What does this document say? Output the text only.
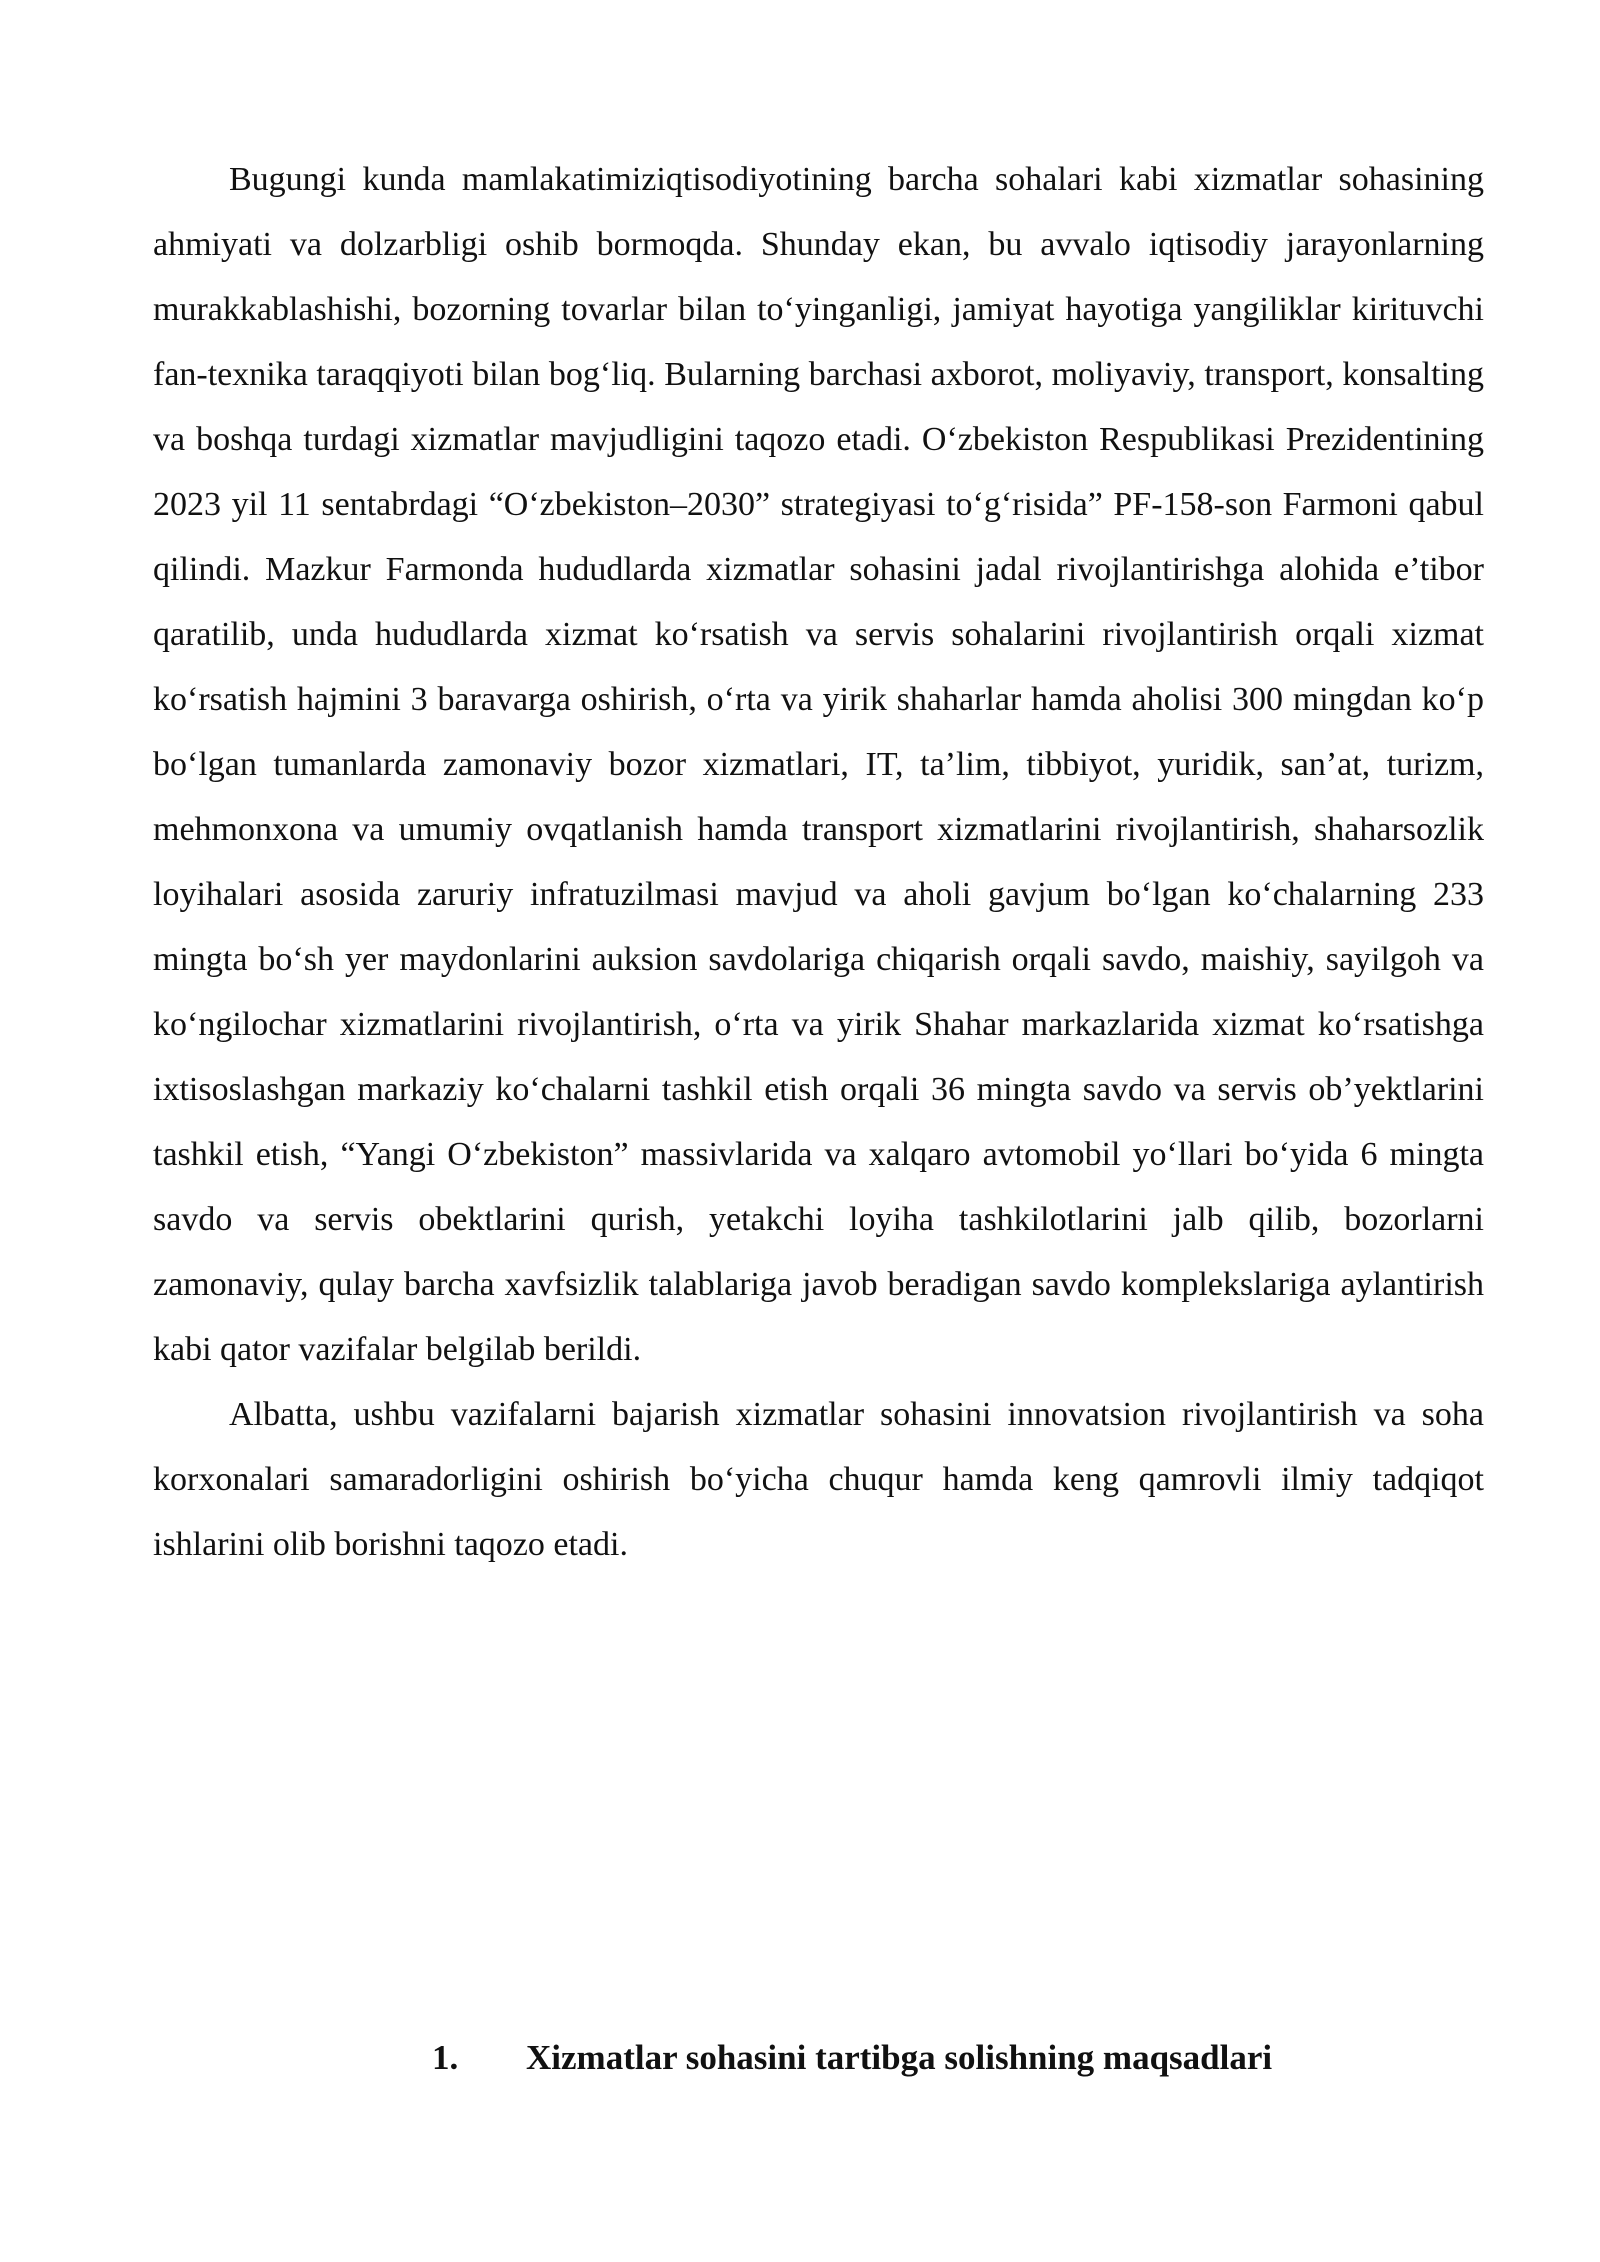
Bugungi kunda mamlakatimiziqtisodiyotining barcha sohalari kabi xizmatlar sohasining ahmiyati va dolzarbligi oshib bormoqda. Shunday ekan, bu avvalo iqtisodiy jarayonlarning murakkablashishi, bozorning tovarlar bilan to‘yinganligi, jamiyat hayotiga yangiliklar kirituvchi fan-texnika taraqqiyoti bilan bog‘liq. Bularning barchasi axborot, moliyaviy, transport, konsalting va boshqa turdagi xizmatlar mavjudligini taqozo etadi. O‘zbekiston Respublikasi Prezidentining 2023 yil 11 sentabrdagi “O‘zbekiston–2030” strategiyasi to‘g‘risida” PF-158-son Farmoni qabul qilindi. Mazkur Farmonda hududlarda xizmatlar sohasini jadal rivojlantirishga alohida e’tibor qaratilib, unda hududlarda xizmat ko‘rsatish va servis sohalarini rivojlantirish orqali xizmat ko‘rsatish hajmini 3 baravarga oshirish, o‘rta va yirik shaharlar hamda aholisi 300 mingdan ko‘p bo‘lgan tumanlarda zamonaviy bozor xizmatlari, IT, ta’lim, tibbiyot, yuridik, san’at, turizm, mehmonxona va umumiy ovqatlanish hamda transport xizmatlarini rivojlantirish, shaharsozlik loyihalari asosida zaruriy infratuzilmasi mavjud va aholi gavjum bo‘lgan ko‘chalarning 233 mingta bo‘sh yer maydonlarini auksion savdolariga chiqarish orqali savdo, maishiy, sayilgoh va ko‘ngilochar xizmatlarini rivojlantirish, o‘rta va yirik Shahar markazlarida xizmat ko‘rsatishga ixtisoslashgan markaziy ko‘chalarni tashkil etish orqali 36 mingta savdo va servis ob’yektlarini tashkil etish, “Yangi O‘zbekiston” massivlarida va xalqaro avtomobil yo‘llari bo‘yida 6 mingta savdo va servis obektlarini qurish, yetakchi loyiha tashkilotlarini jalb qilib, bozorlarni zamonaviy, qulay barcha xavfsizlik talablariga javob beradigan savdo komplekslariga aylantirish kabi qator vazifalar belgilab berildi.

Albatta, ushbu vazifalarni bajarish xizmatlar sohasini innovatsion rivojlantirish va soha korxonalari samaradorligini oshirish bo‘yicha chuqur hamda keng qamrovli ilmiy tadqiqot ishlarini olib borishni taqozo etadi.

1. Xizmatlar sohasini tartibga solishning maqsadlari
